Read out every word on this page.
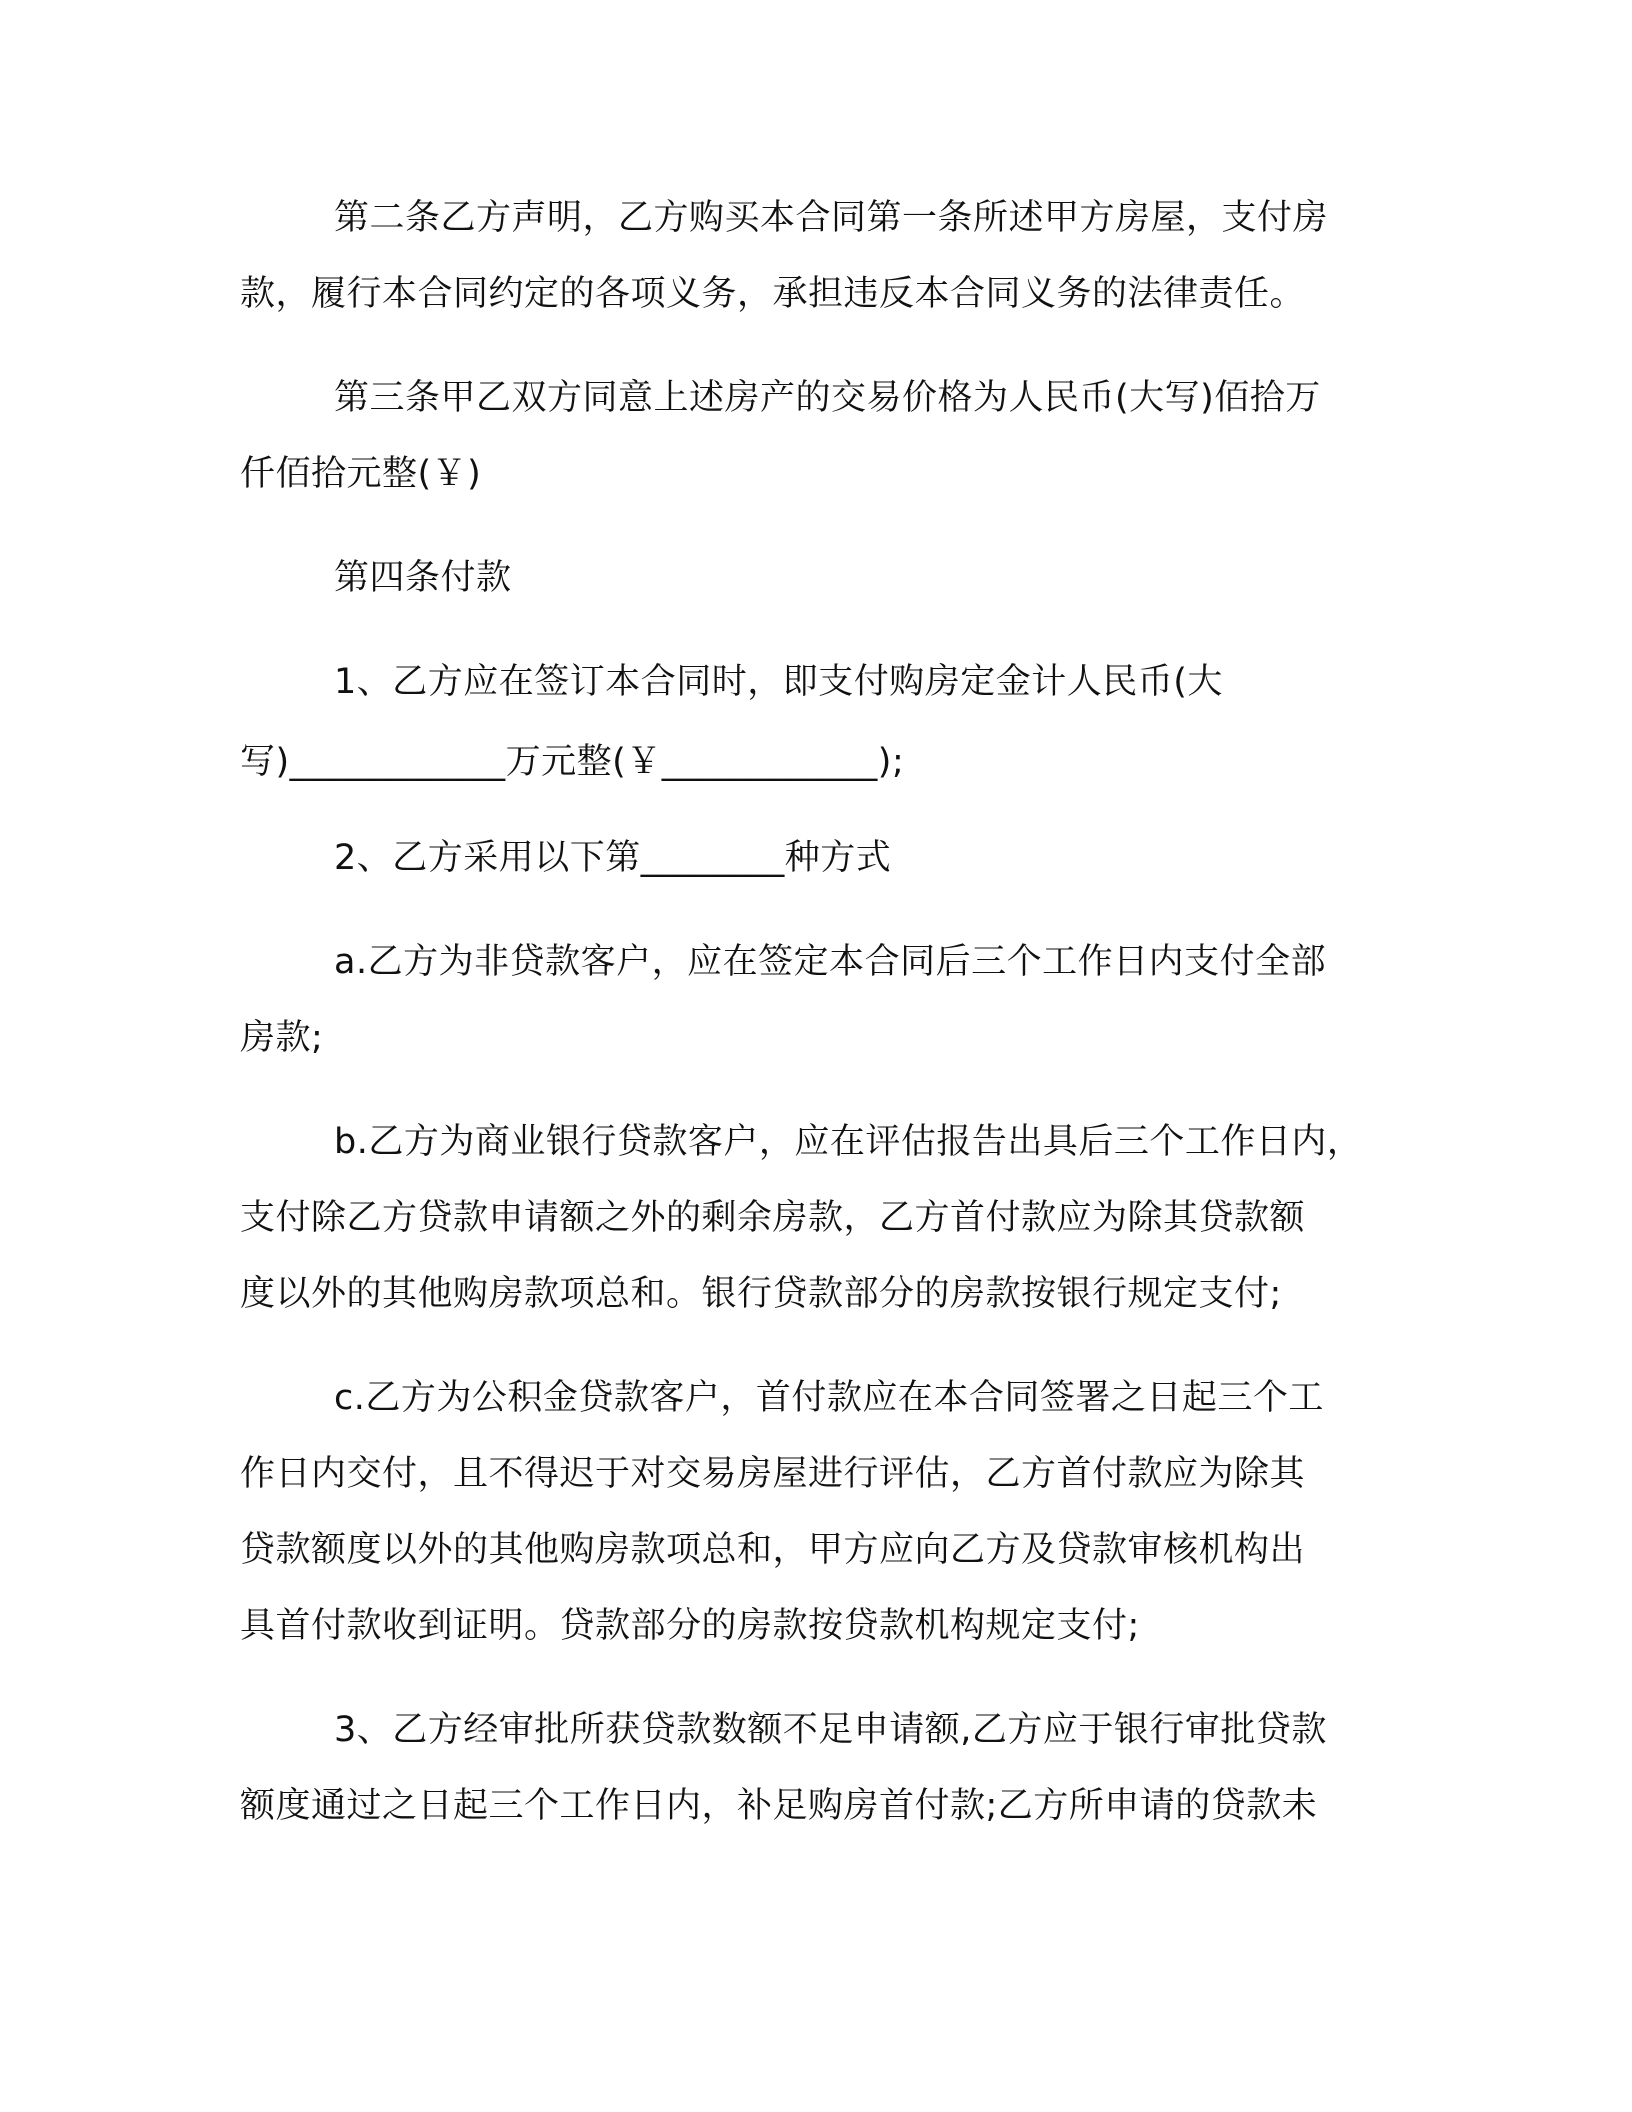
第二条乙方声明，乙方购买本合同第一条所述甲方房屋，支付房

款，履行本合同约定的各项义务，承担违反本合同义务的法律责任。

第三条甲乙双方同意上述房产的交易价格为人民币(大写)佰拾万

仟佰拾元整(￥)

第四条付款

1、乙方应在签订本合同时，即支付购房定金计人民币(大

写)____________万元整(￥____________);

2、乙方采用以下第________种方式

a.乙方为非贷款客户，应在签定本合同后三个工作日内支付全部

房款;

b.乙方为商业银行贷款客户，应在评估报告出具后三个工作日内，

支付除乙方贷款申请额之外的剩余房款，乙方首付款应为除其贷款额

度以外的其他购房款项总和。银行贷款部分的房款按银行规定支付;

c.乙方为公积金贷款客户，首付款应在本合同签署之日起三个工

作日内交付，且不得迟于对交易房屋进行评估，乙方首付款应为除其

贷款额度以外的其他购房款项总和，甲方应向乙方及贷款审核机构出

具首付款收到证明。贷款部分的房款按贷款机构规定支付;

3、乙方经审批所获贷款数额不足申请额,乙方应于银行审批贷款

额度通过之日起三个工作日内，补足购房首付款;乙方所申请的贷款未
